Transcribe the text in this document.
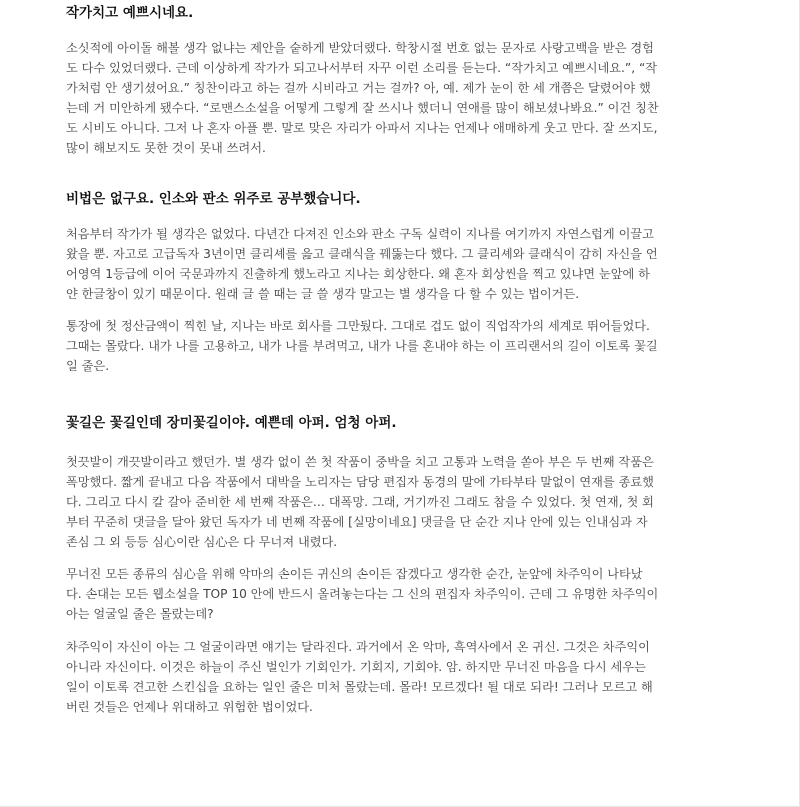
작가치고 예쁘시네요.

소싯적에 아이돌 해볼 생각 없냐는 제안을 숱하게 받았더랬다. 학창시절 번호 없는 문자로 사랑고백을 받은 경험
도 다수 있었더랬다. 근데 이상하게 작가가 되고나서부터 자꾸 이런 소리를 듣는다. “작가치고 예쁘시네요.”, “작
가처럼 안 생기셨어요.” 칭찬이라고 하는 걸까 시비라고 거는 걸까? 아, 예. 제가 눈이 한 세 개쯤은 달렸어야 했
는데 거 미안하게 됐수다. “로맨스소설을 어떻게 그렇게 잘 쓰시나 했더니 연애를 많이 해보셨나봐요.” 이건 칭찬
도 시비도 아니다. 그저 나 혼자 아플 뿐. 말로 맞은 자리가 아파서 지나는 언제나 애매하게 웃고 만다. 잘 쓰지도,
많이 해보지도 못한 것이 못내 쓰려서.

비법은 없구요. 인소와 판소 위주로 공부했습니다.

처음부터 작가가 될 생각은 없었다. 다년간 다져진 인소와 판소 구독 실력이 지나를 여기까지 자연스럽게 이끌고
왔을 뿐. 자고로 고급독자 3년이면 클리셰를 읊고 클래식을 꿰뚫는다 했다. 그 클리셰와 클래식이 감히 자신을 언
어영역 1등급에 이어 국문과까지 진출하게 했노라고 지나는 회상한다. 왜 혼자 회상씬을 찍고 있냐면 눈앞에 하
얀 한글창이 있기 때문이다. 원래 글 쓸 때는 글 쓸 생각 말고는 별 생각을 다 할 수 있는 법이거든.

통장에 첫 정산금액이 찍힌 날, 지나는 바로 회사를 그만뒀다. 그대로 겁도 없이 직업작가의 세계로 뛰어들었다.
그때는 몰랐다. 내가 나를 고용하고, 내가 나를 부려먹고, 내가 나를 혼내야 하는 이 프리랜서의 길이 이토록 꽃길
일 줄은.

꽃길은 꽃길인데 장미꽃길이야. 예쁜데 아퍼. 엄청 아퍼.

첫끗발이 개끗발이라고 했던가. 별 생각 없이 쓴 첫 작품이 중박을 치고 고통과 노력을 쏟아 부은 두 번째 작품은
폭망했다. 짧게 끝내고 다음 작품에서 대박을 노리자는 담당 편집자 동경의 말에 가타부타 말없이 연재를 종료했
다. 그리고 다시 칼 갈아 준비한 세 번째 작품은… 대폭망. 그래, 거기까진 그래도 참을 수 있었다. 첫 연재, 첫 회
부터 꾸준히 댓글을 달아 왔던 독자가 네 번째 작품에 [실망이네요] 댓글을 단 순간 지나 안에 있는 인내심과 자
존심 그 외 등등 심心이란 심心은 다 무너져 내렸다.

무너진 모든 종류의 심心을 위해 악마의 손이든 귀신의 손이든 잡겠다고 생각한 순간, 눈앞에 차주익이 나타났
다. 손대는 모든 웹소설을 TOP 10 안에 반드시 올려놓는다는 그 신의 편집자 차주익이. 근데 그 유명한 차주익이
아는 얼굴일 줄은 몰랐는데?

차주익이 자신이 아는 그 얼굴이라면 얘기는 달라진다. 과거에서 온 악마, 흑역사에서 온 귀신. 그것은 차주익이
아니라 자신이다. 이것은 하늘이 주신 벌인가 기회인가. 기회지, 기회야. 암. 하지만 무너진 마음을 다시 세우는
일이 이토록 견고한 스킨십을 요하는 일인 줄은 미처 몰랐는데. 몰라! 모르겠다! 될 대로 되라! 그러나 모르고 해
버린 것들은 언제나 위대하고 위험한 법이었다.
